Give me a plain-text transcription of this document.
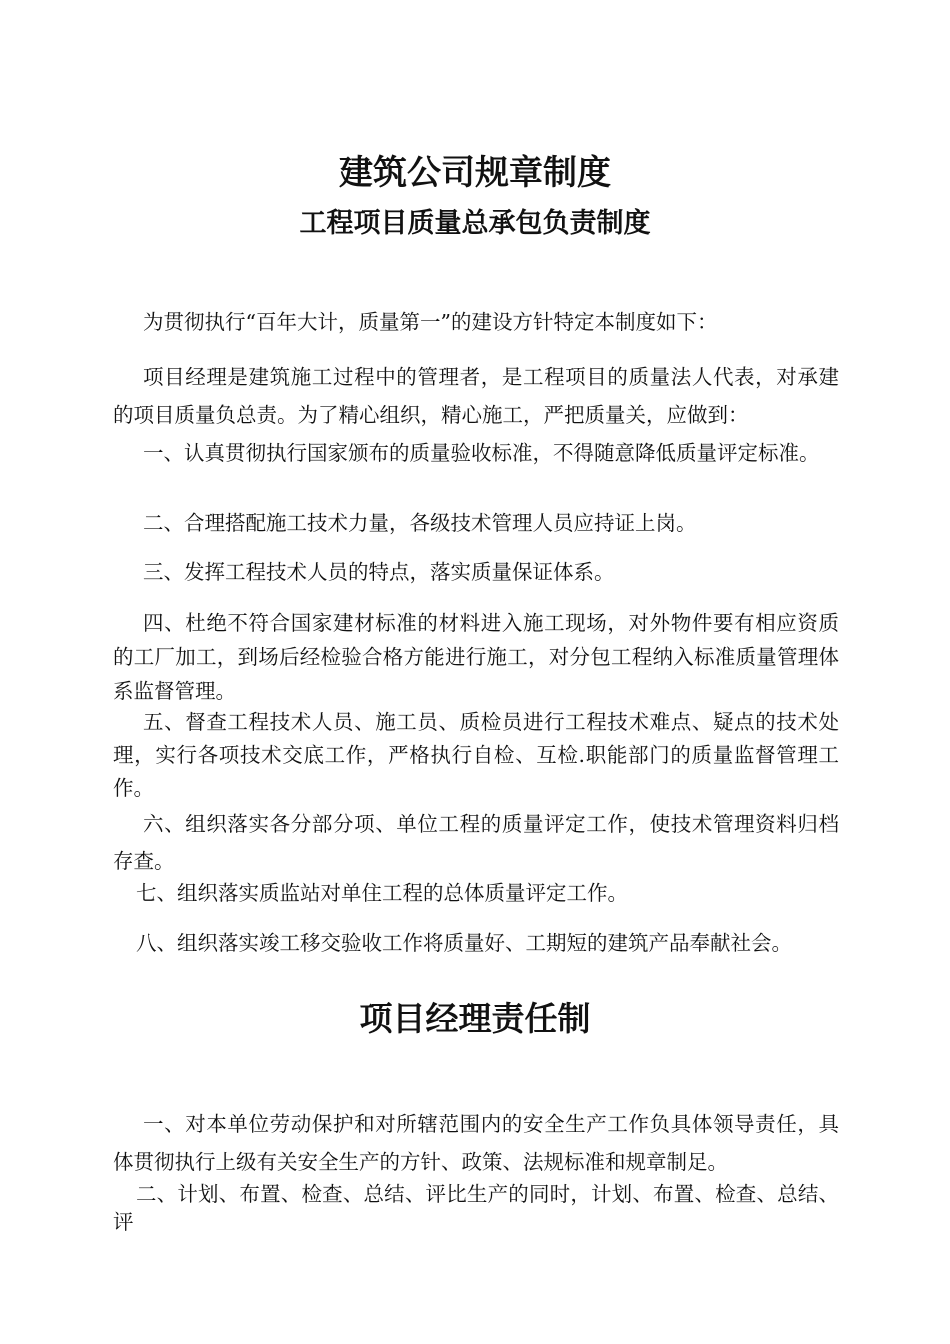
建筑公司规章制度
工程项目质量总承包负责制度

为贯彻执行“百年大计，质量第一”的建设方针特定本制度如下：

项目经理是建筑施工过程中的管理者，是工程项目的质量法人代表，对承建的项目质量负总责。为了精心组织，精心施工，严把质量关，应做到：

一、认真贯彻执行国家颁布的质量验收标准，不得随意降低质量评定标准。

二、合理搭配施工技术力量，各级技术管理人员应持证上岗。

三、发挥工程技术人员的特点，落实质量保证体系。

四、杜绝不符合国家建材标准的材料进入施工现场，对外物件要有相应资质的工厂加工，到场后经检验合格方能进行施工，对分包工程纳入标准质量管理体系监督管理。

五、督查工程技术人员、施工员、质检员进行工程技术难点、疑点的技术处理，实行各项技术交底工作，严格执行自检、互检.职能部门的质量监督管理工作。

六、组织落实各分部分项、单位工程的质量评定工作，使技术管理资料归档存查。

七、组织落实质监站对单住工程的总体质量评定工作。

八、组织落实竣工移交验收工作将质量好、工期短的建筑产品奉献社会。

项目经理责任制

一、对本单位劳动保护和对所辖范围内的安全生产工作负具体领导责任，具体贯彻执行上级有关安全生产的方针、政策、法规标准和规章制足。

二、计划、布置、检查、总结、评比生产的同时，计划、布置、检查、总结、评
